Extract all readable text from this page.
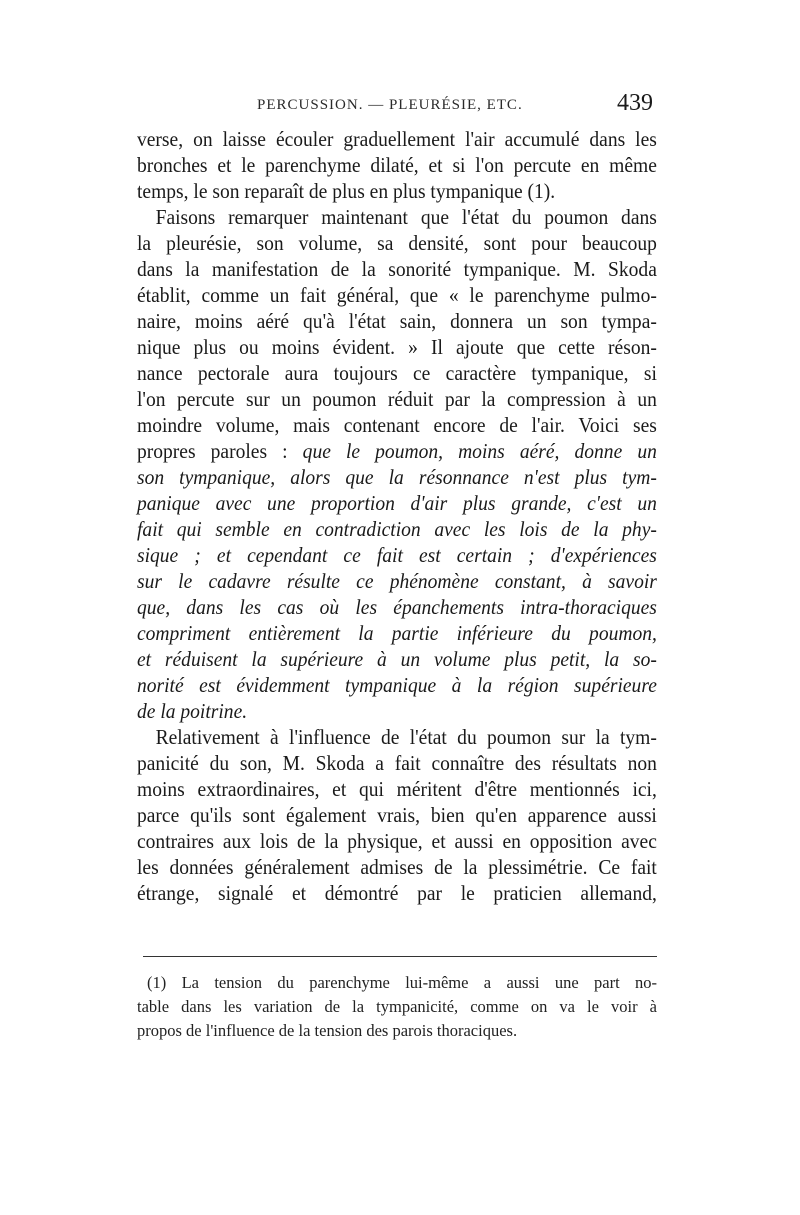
PERCUSSION. — PLEURÉSIE, ETC.	439
verse, on laisse écouler graduellement l'air accumulé dans les
bronches et le parenchyme dilaté, et si l'on percute en même
temps, le son reparaît de plus en plus tympanique (1).
Faisons remarquer maintenant que l'état du poumon dans
la pleurésie, son volume, sa densité, sont pour beaucoup
dans la manifestation de la sonorité tympanique. M. Skoda
établit, comme un fait général, que « le parenchyme pulmo-
naire, moins aéré qu'à l'état sain, donnera un son tympa-
nique plus ou moins évident. » Il ajoute que cette réson-
nance pectorale aura toujours ce caractère tympanique, si
l'on percute sur un poumon réduit par la compression à un
moindre volume, mais contenant encore de l'air. Voici ses
propres paroles : que le poumon, moins aéré, donne un
son tympanique, alors que la résonnance n'est plus tym-
panique avec une proportion d'air plus grande, c'est un
fait qui semble en contradiction avec les lois de la phy-
sique ; et cependant ce fait est certain ; d'expériences
sur le cadavre résulte ce phénomène constant, à savoir
que, dans les cas où les épanchements intra-thoraciques
compriment entièrement la partie inférieure du poumon,
et réduisent la supérieure à un volume plus petit, la so-
norité est évidemment tympanique à la région supérieure
de la poitrine.
Relativement à l'influence de l'état du poumon sur la tym-
panicité du son, M. Skoda a fait connaître des résultats non
moins extraordinaires, et qui méritent d'être mentionnés ici,
parce qu'ils sont également vrais, bien qu'en apparence aussi
contraires aux lois de la physique, et aussi en opposition avec
les données généralement admises de la plessimétrie. Ce fait
étrange, signalé et démontré par le praticien allemand,
(1) La tension du parenchyme lui-même a aussi une part no-
table dans les variation de la tympanicité, comme on va le voir à
propos de l'influence de la tension des parois thoraciques.
